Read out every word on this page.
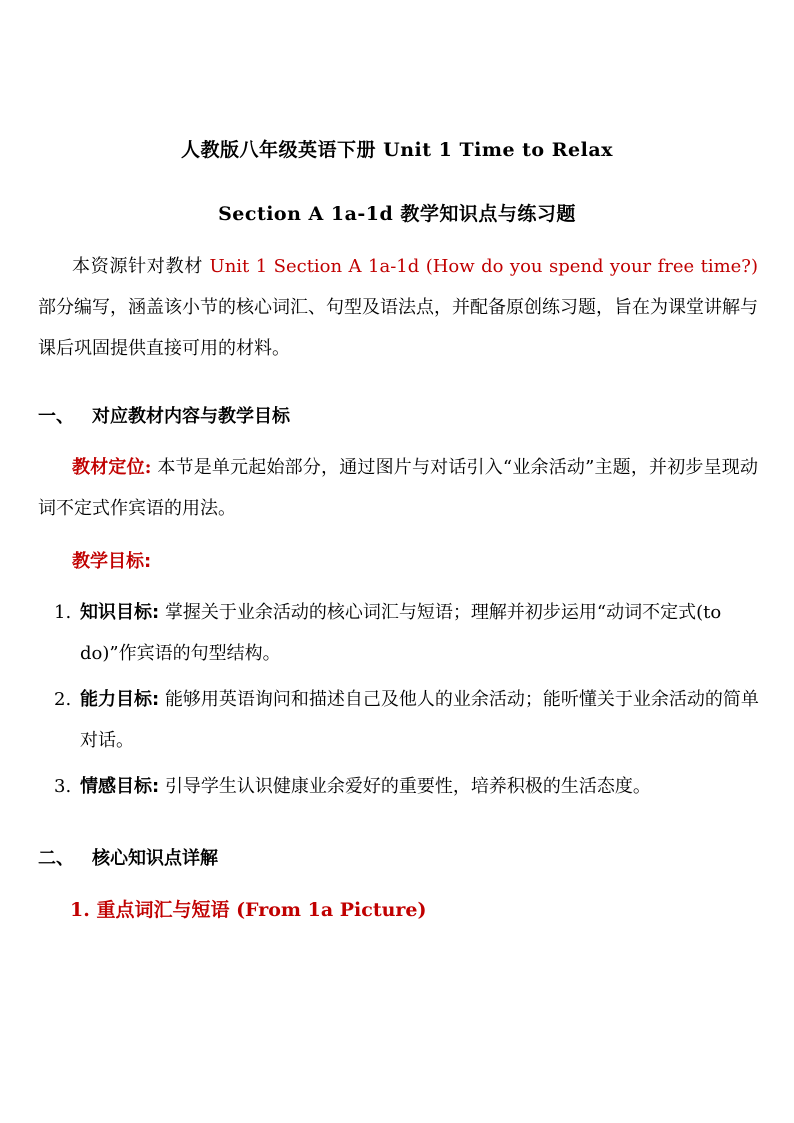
人教版八年级英语下册 Unit 1 Time to Relax
Section A 1a-1d 教学知识点与练习题
本资源针对教材 Unit 1 Section A 1a-1d (How do you spend your free time?) 部分编写，涵盖该小节的核心词汇、句型及语法点，并配备原创练习题，旨在为课堂讲解与课后巩固提供直接可用的材料。
一、 对应教材内容与教学目标
教材定位: 本节是单元起始部分，通过图片与对话引入“业余活动”主题，并初步呈现动词不定式作宾语的用法。
教学目标:
1. 知识目标: 掌握关于业余活动的核心词汇与短语；理解并初步运用“动词不定式(to do)”作宾语的句型结构。
2. 能力目标: 能够用英语询问和描述自己及他人的业余活动；能听懂关于业余活动的简单对话。
3. 情感目标: 引导学生认识健康业余爱好的重要性，培养积极的生活态度。
二、 核心知识点详解
1. 重点词汇与短语 (From 1a Picture)
